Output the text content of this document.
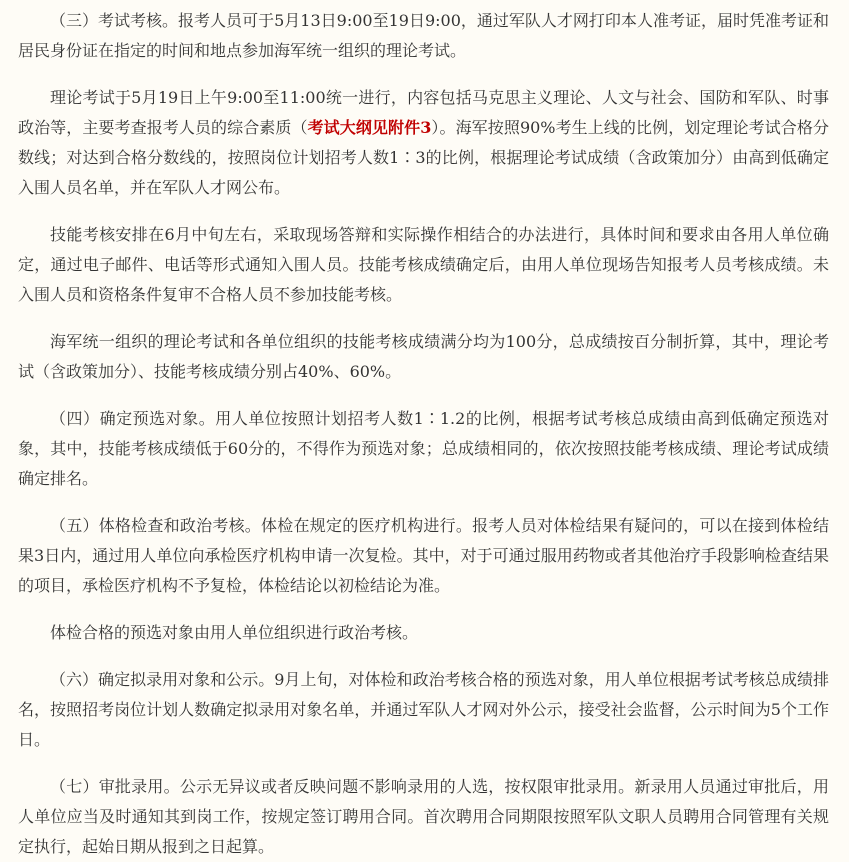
（三）考试考核。报考人员可于5月13日9:00至19日9:00，通过军队人才网打印本人准考证，届时凭准考证和居民身份证在指定的时间和地点参加海军统一组织的理论考试。

理论考试于5月19日上午9:00至11:00统一进行，内容包括马克思主义理论、人文与社会、国防和军队、时事政治等，主要考查报考人员的综合素质（考试大纲见附件3）。海军按照90%考生上线的比例，划定理论考试合格分数线；对达到合格分数线的，按照岗位计划招考人数1∶3的比例，根据理论考试成绩（含政策加分）由高到低确定入围人员名单，并在军队人才网公布。

技能考核安排在6月中旬左右，采取现场答辩和实际操作相结合的办法进行，具体时间和要求由各用人单位确定，通过电子邮件、电话等形式通知入围人员。技能考核成绩确定后，由用人单位现场告知报考人员考核成绩。未入围人员和资格条件复审不合格人员不参加技能考核。

海军统一组织的理论考试和各单位组织的技能考核成绩满分均为100分，总成绩按百分制折算，其中，理论考试（含政策加分）、技能考核成绩分别占40%、60%。

（四）确定预选对象。用人单位按照计划招考人数1∶1.2的比例，根据考试考核总成绩由高到低确定预选对象，其中，技能考核成绩低于60分的，不得作为预选对象；总成绩相同的，依次按照技能考核成绩、理论考试成绩确定排名。

（五）体格检查和政治考核。体检在规定的医疗机构进行。报考人员对体检结果有疑问的，可以在接到体检结果3日内，通过用人单位向承检医疗机构申请一次复检。其中，对于可通过服用药物或者其他治疗手段影响检查结果的项目，承检医疗机构不予复检，体检结论以初检结论为准。

体检合格的预选对象由用人单位组织进行政治考核。

（六）确定拟录用对象和公示。9月上旬，对体检和政治考核合格的预选对象，用人单位根据考试考核总成绩排名，按照招考岗位计划人数确定拟录用对象名单，并通过军队人才网对外公示，接受社会监督，公示时间为5个工作日。

（七）审批录用。公示无异议或者反映问题不影响录用的人选，按权限审批录用。新录用人员通过审批后，用人单位应当及时通知其到岗工作，按规定签订聘用合同。首次聘用合同期限按照军队文职人员聘用合同管理有关规定执行，起始日期从报到之日起算。
